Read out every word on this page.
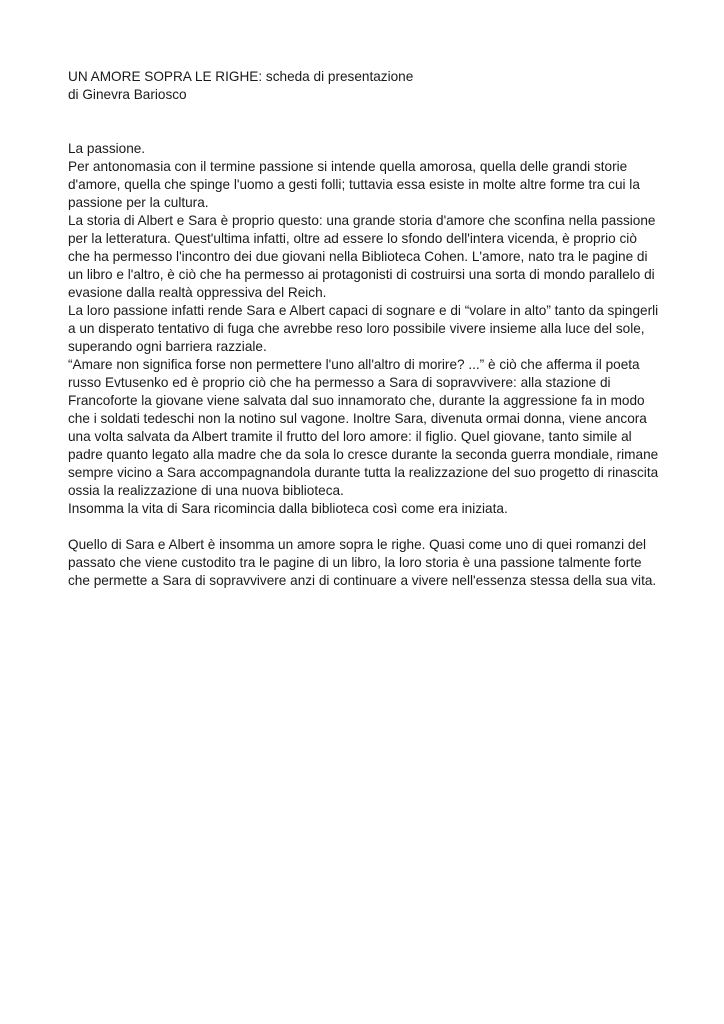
UN AMORE SOPRA LE RIGHE: scheda di presentazione
di Ginevra Bariosco
La passione.
Per antonomasia con il termine passione si intende quella amorosa, quella delle grandi storie
d'amore, quella che spinge l'uomo a gesti folli; tuttavia essa esiste in molte altre forme tra cui la
passione per la cultura.
La storia di Albert e Sara è proprio questo: una grande storia d'amore che sconfina nella passione
per la letteratura. Quest'ultima infatti, oltre ad essere lo sfondo dell'intera vicenda, è proprio ciò
che ha permesso l'incontro dei due giovani nella Biblioteca Cohen. L'amore, nato tra le pagine di
un libro e l'altro, è ciò che ha permesso ai protagonisti di costruirsi una sorta di mondo parallelo di
evasione dalla realtà oppressiva del Reich.
La loro passione infatti rende Sara e Albert capaci di sognare e di “volare in alto” tanto da spingerli
a un disperato tentativo di fuga che avrebbe reso loro possibile vivere insieme alla luce del sole,
superando ogni barriera razziale.
“Amare non significa forse non permettere l'uno all'altro di morire? ...” è ciò che afferma il poeta
russo Evtusenko ed è proprio ciò che ha permesso a Sara di sopravvivere: alla stazione di
Francoforte la giovane viene salvata dal suo innamorato che, durante la aggressione fa in modo
che i soldati tedeschi non la notino sul vagone. Inoltre Sara, divenuta ormai donna, viene ancora
una volta salvata da Albert tramite il frutto del loro amore: il figlio. Quel giovane, tanto simile al
padre quanto legato alla madre che da sola lo cresce durante la seconda guerra mondiale, rimane
sempre vicino a Sara accompagnandola durante tutta la realizzazione del suo progetto di rinascita
ossia la realizzazione di una nuova biblioteca.
Insomma la vita di Sara ricomincia dalla biblioteca così come era iniziata.
Quello di Sara e Albert è insomma un amore sopra le righe. Quasi come uno di quei romanzi del
passato che viene custodito tra le pagine di un libro, la loro storia è una passione talmente forte
che permette a Sara di sopravvivere anzi di continuare a vivere nell'essenza stessa della sua vita.
